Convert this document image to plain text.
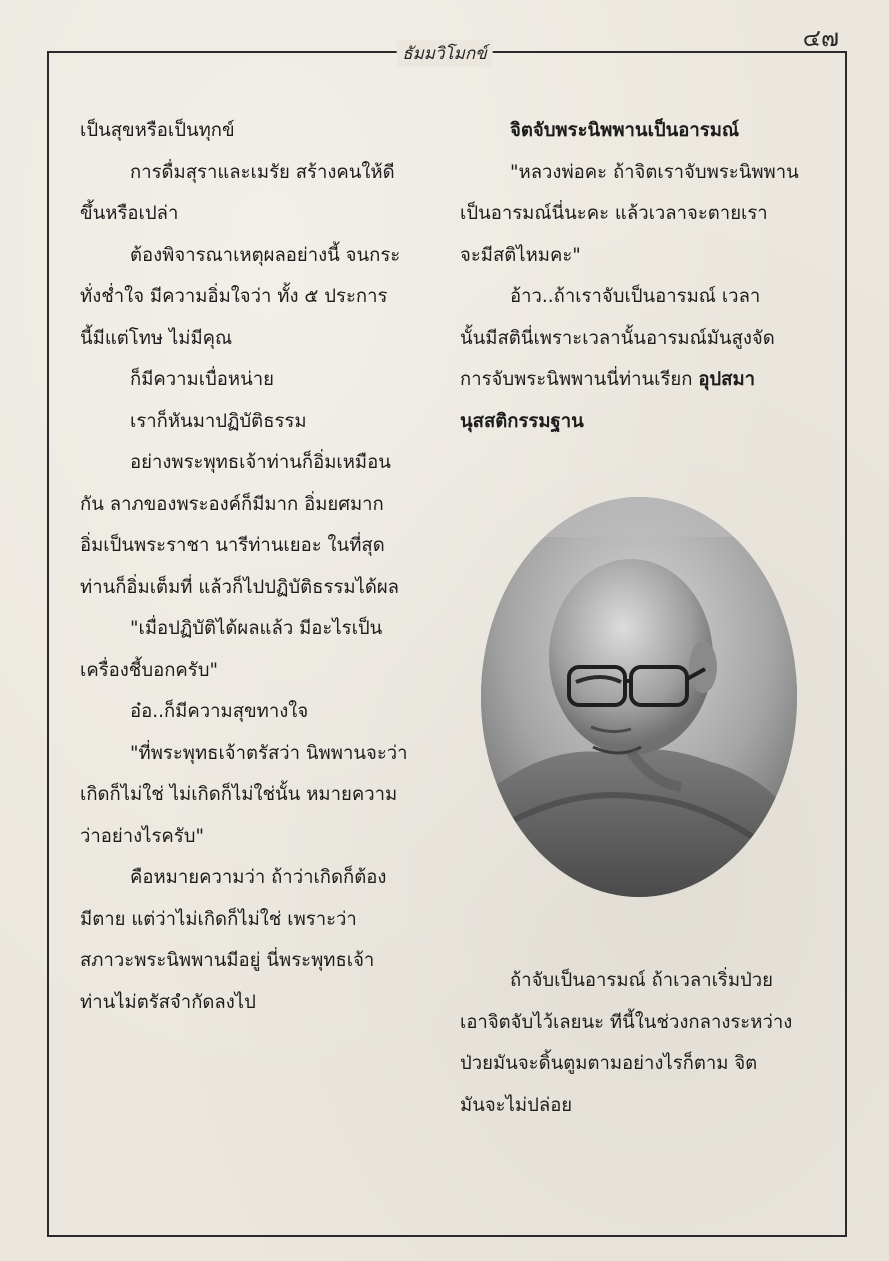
๔๗
ธัมมวิโมกข์

เป็นสุขหรือเป็นทุกข์

การดื่มสุราและเมรัย สร้างคนให้ดี

ขึ้นหรือเปล่า

ต้องพิจารณาเหตุผลอย่างนี้ จนกระ

ทั่งช่ำใจ มีความอิ่มใจว่า ทั้ง ๕ ประการ

นี้มีแต่โทษ ไม่มีคุณ

ก็มีความเบื่อหน่าย

เราก็หันมาปฏิบัติธรรม

อย่างพระพุทธเจ้าท่านก็อิ่มเหมือน

กัน ลาภของพระองค์ก็มีมาก อิ่มยศมาก

อิ่มเป็นพระราชา นารีท่านเยอะ ในที่สุด

ท่านก็อิ่มเต็มที่ แล้วก็ไปปฏิบัติธรรมได้ผล

"เมื่อปฏิบัติได้ผลแล้ว มีอะไรเป็น

เครื่องชี้บอกครับ"

อ๋อ..ก็มีความสุขทางใจ

"ที่พระพุทธเจ้าตรัสว่า นิพพานจะว่า

เกิดก็ไม่ใช่ ไม่เกิดก็ไม่ใช่นั้น หมายความ

ว่าอย่างไรครับ"

คือหมายความว่า ถ้าว่าเกิดก็ต้อง

มีตาย แต่ว่าไม่เกิดก็ไม่ใช่ เพราะว่า

สภาวะพระนิพพานมีอยู่ นี่พระพุทธเจ้า

ท่านไม่ตรัสจำกัดลงไป

จิตจับพระนิพพานเป็นอารมณ์

"หลวงพ่อคะ ถ้าจิตเราจับพระนิพพาน

เป็นอารมณ์นี่นะคะ แล้วเวลาจะตายเรา

จะมีสติไหมคะ"

อ้าว..ถ้าเราจับเป็นอารมณ์ เวลา

นั้นมีสตินี่เพราะเวลานั้นอารมณ์มันสูงจัด

การจับพระนิพพานนี่ท่านเรียก อุปสมา

นุสสติกรรมฐาน

ถ้าจับเป็นอารมณ์ ถ้าเวลาเริ่มป่วย

เอาจิตจับไว้เลยนะ ทีนี้ในช่วงกลางระหว่าง

ป่วยมันจะดิ้นตูมตามอย่างไรก็ตาม จิต

มันจะไม่ปล่อย
